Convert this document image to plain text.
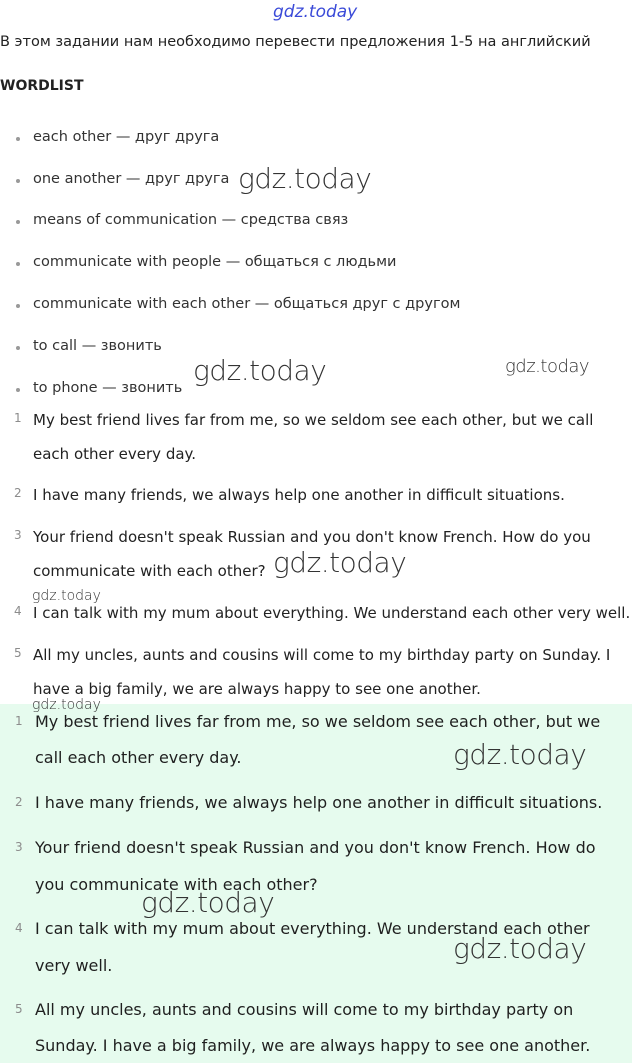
gdz.today
В этом задании нам необходимо перевести предложения 1-5 на английский
WORDLIST
each other — друг друга
one another — друг друга
means of communication — средства связ
communicate with people — общаться с людьми
communicate with each other — общаться друг с другом
to call — звонить
to phone — звонить
1 My best friend lives far from me, so we seldom see each other, but we call
each other every day.
2 I have many friends, we always help one another in difficult situations.
3 Your friend doesn't speak Russian and you don't know French. How do you
communicate with each other?
4 I can talk with my mum about everything. We understand each other very well.
5 All my uncles, aunts and cousins will come to my birthday party on Sunday. I
have a big family, we are always happy to see one another.
1 My best friend lives far from me, so we seldom see each other, but we
call each other every day.
2 I have many friends, we always help one another in difficult situations.
3 Your friend doesn't speak Russian and you don't know French. How do
you communicate with each other?
4 I can talk with my mum about everything. We understand each other
very well.
5 All my uncles, aunts and cousins will come to my birthday party on
Sunday. I have a big family, we are always happy to see one another.
gdz.today
gdz.today	gdz.today
gdz.today
gdz.today
gdz.today
gdz.today
gdz.today
gdz.today
